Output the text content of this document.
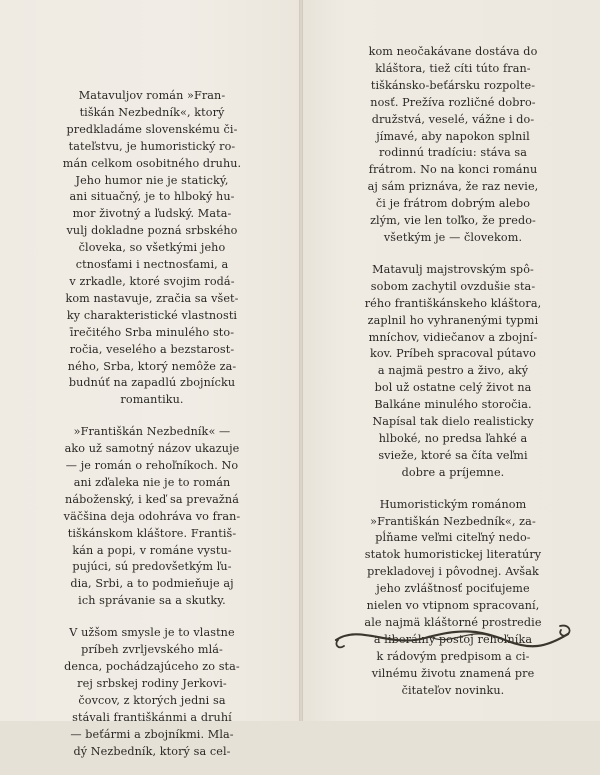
Matavuljov román »Fran-
tiškán Nezbedník«, ktorý
predkladáme slovenskému či-
tateľstvu, je humoristický ro-
mán celkom osobitného druhu.
Jeho humor nie je statický,
ani situačný, je to hlboký hu-
mor životný a ľudský. Mata-
vulj dokladne pozná srbského
človeka, so všetkými jeho
ctnosťami i nectnosťami, a
v zrkadle, ktoré svojim rodá-
kom nastavuje, zračia sa všet-
ky charakteristické vlastnosti
īrečitého Srba minulého sto-
ročia, veselého a bezstarost-
ného, Srba, ktorý nemôže za-
budnúť na zapadlú zbojnícku
romantiku.
»Františkán Nezbedník« —
ako už samotný názov ukazuje
— je román o rehoľníkoch. No
ani zďaleka nie je to román
náboženský, i keď sa prevažná
väčšina deja odohráva vo fran-
tiškánskom kláštore. Františ-
kán a popi, v románe vystu-
pujúci, sú predovšetkým ľu-
dia, Srbi, a to podmieňuje aj
ich správanie sa a skutky.
V užšom smysle je to vlastne
príbeh zvrljevského mlá-
denca, pochádzajúceho zo sta-
rej srbskej rodiny Jerkovi-
čovcov, z ktorých jedni sa
stávali františkánmi a druhí
— beťármi a zbojníkmi. Mla-
dý Nezbedník, ktorý sa cel-
kom neočakávane dostáva do
kláštora, tiež cíti túto fran-
tiškánsko-beťársku rozpolte-
nosť. Prežíva rozličné dobro-
družstvá, veselé, vážne i do-
jímavé, aby napokon splnil
rodinnú tradíciu: stáva sa
frátrom. No na konci románu
aj sám priznáva, že raz nevie,
či je frátrom dobrým alebo
zlým, vie len toľko, že predo-
všetkým je — človekom.
Matavulj majstrovským spô-
sobom zachytil ovzdušie sta-
rého františkánskeho kláštora,
zaplnil ho vyhranenými typmi
mníchov, vidiečanov a zbojní-
kov. Príbeh spracoval pútavo
a najmä pestro a živo, aký
bol už ostatne celý život na
Balkáne minulého storočia.
Napísal tak dielo realisticky
hlboké, no predsa ľahké a
svieže, ktoré sa číta veľmi
dobre a príjemne.
Humoristickým románom
»Františkán Nezbedník«, za-
pĺňame veľmi citeľný nedo-
statok humoristickej literatúry
prekladovej i pôvodnej. Avšak
jeho zvláštnosť pociťujeme
nielen vo vtipnom spracovaní,
ale najmä kláštorné prostredie
a liberálny postoj rehoľníka
k rádovým predpisom a ci-
vilnému životu znamená pre
čitateľov novinku.
